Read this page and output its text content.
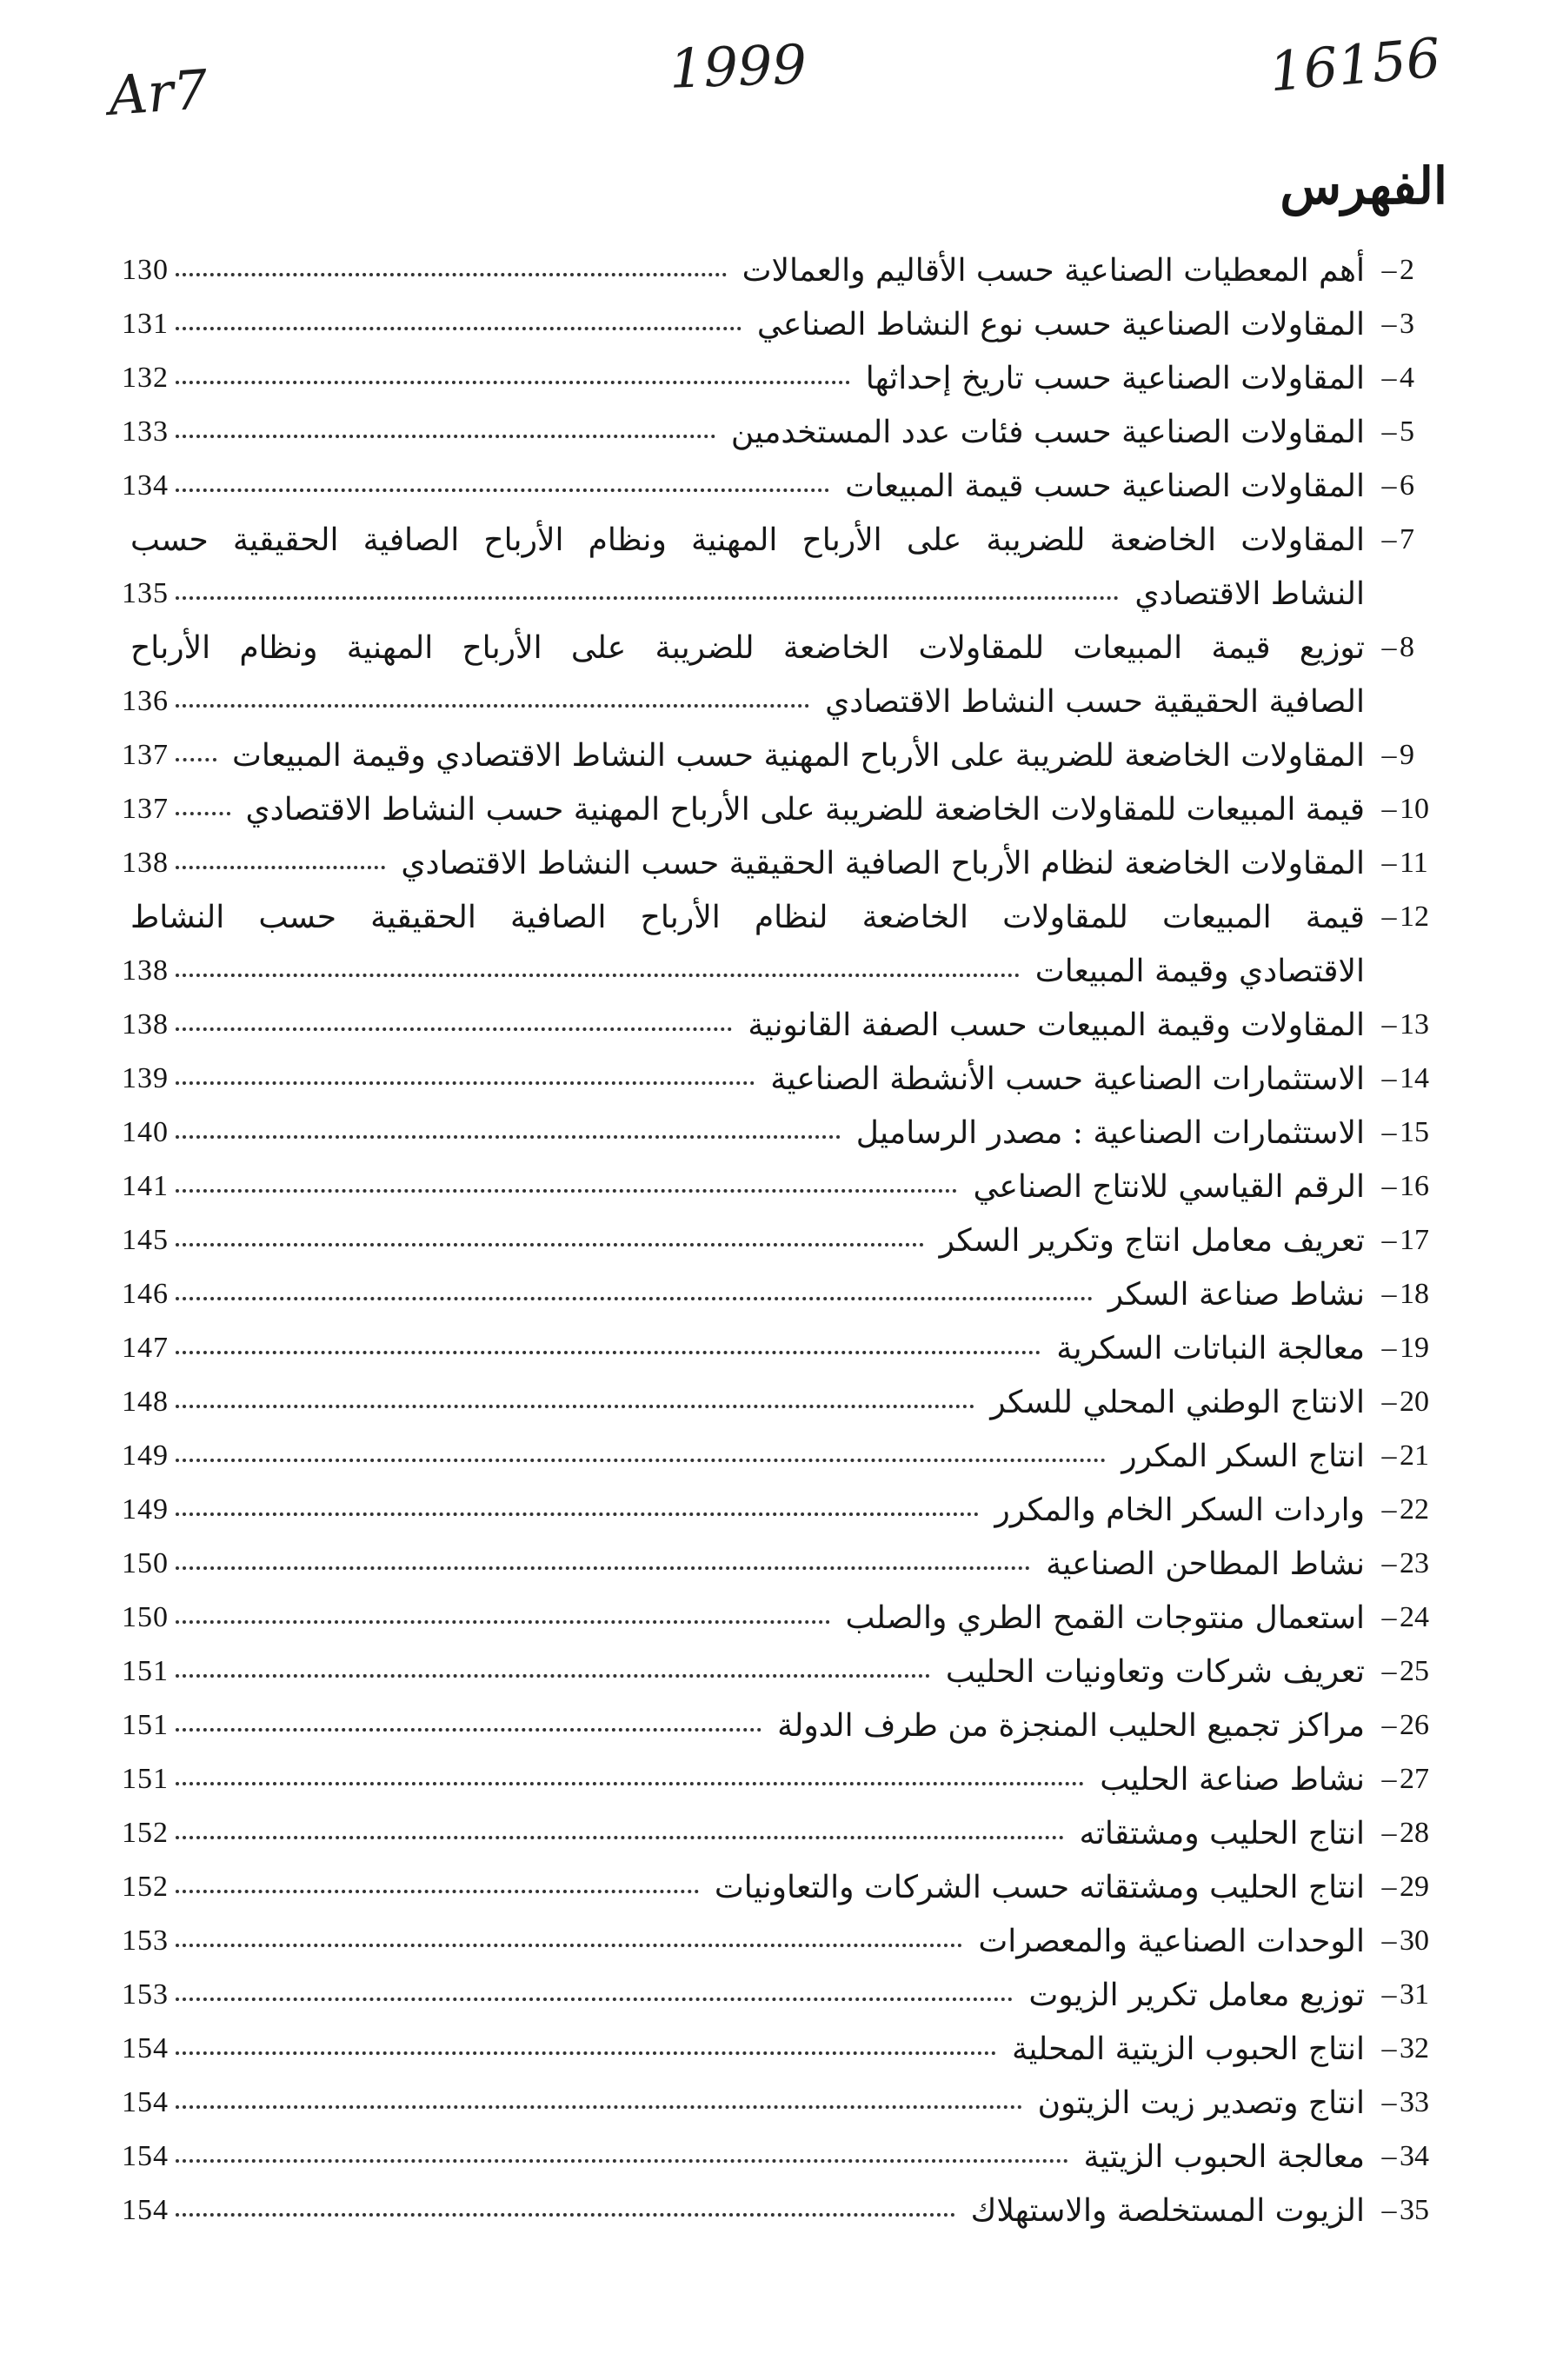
Ar7	1999	16156
الفهرس
2
–
أهم المعطيات الصناعية حسب الأقاليم والعمالات
130
3
–
المقاولات الصناعية حسب نوع النشاط الصناعي
131
4
–
المقاولات الصناعية حسب تاريخ إحداثها
132
5
–
المقاولات الصناعية حسب فئات عدد المستخدمين
133
6
–
المقاولات الصناعية حسب قيمة المبيعات
134
7
–
المقاولات الخاضعة للضريبة على الأرباح المهنية ونظام الأرباح الصافية الحقيقية حسب
النشاط الاقتصادي
135
8
–
توزيع قيمة المبيعات للمقاولات الخاضعة للضريبة على الأرباح المهنية ونظام الأرباح
الصافية الحقيقية حسب النشاط الاقتصادي
136
9
–
المقاولات الخاضعة للضريبة على الأرباح المهنية حسب النشاط الاقتصادي وقيمة المبيعات
137
10
–
قيمة المبيعات للمقاولات الخاضعة للضريبة على الأرباح المهنية حسب النشاط الاقتصادي
137
11
–
المقاولات الخاضعة لنظام الأرباح الصافية الحقيقية حسب النشاط الاقتصادي
138
12
–
قيمة المبيعات للمقاولات الخاضعة لنظام الأرباح الصافية الحقيقية حسب النشاط
الاقتصادي وقيمة المبيعات
138
13
–
المقاولات وقيمة المبيعات حسب الصفة القانونية
138
14
–
الاستثمارات الصناعية حسب الأنشطة الصناعية
139
15
–
الاستثمارات الصناعية : مصدر الرساميل
140
16
–
الرقم القياسي للانتاج الصناعي
141
17
–
تعريف معامل انتاج وتكرير السكر
145
18
–
نشاط صناعة السكر
146
19
–
معالجة النباتات السكرية
147
20
–
الانتاج الوطني المحلي للسكر
148
21
–
انتاج السكر المكرر
149
22
–
واردات السكر الخام والمكرر
149
23
–
نشاط المطاحن الصناعية
150
24
–
استعمال منتوجات القمح الطري والصلب
150
25
–
تعريف شركات وتعاونيات الحليب
151
26
–
مراكز تجميع الحليب المنجزة من طرف الدولة
151
27
–
نشاط صناعة الحليب
151
28
–
انتاج الحليب ومشتقاته
152
29
–
انتاج الحليب ومشتقاته حسب الشركات والتعاونيات
152
30
–
الوحدات الصناعية والمعصرات
153
31
–
توزيع معامل تكرير الزيوت
153
32
–
انتاج الحبوب الزيتية المحلية
154
33
–
انتاج وتصدير زيت الزيتون
154
34
–
معالجة الحبوب الزيتية
154
35
–
الزيوت المستخلصة والاستهلاك
154
